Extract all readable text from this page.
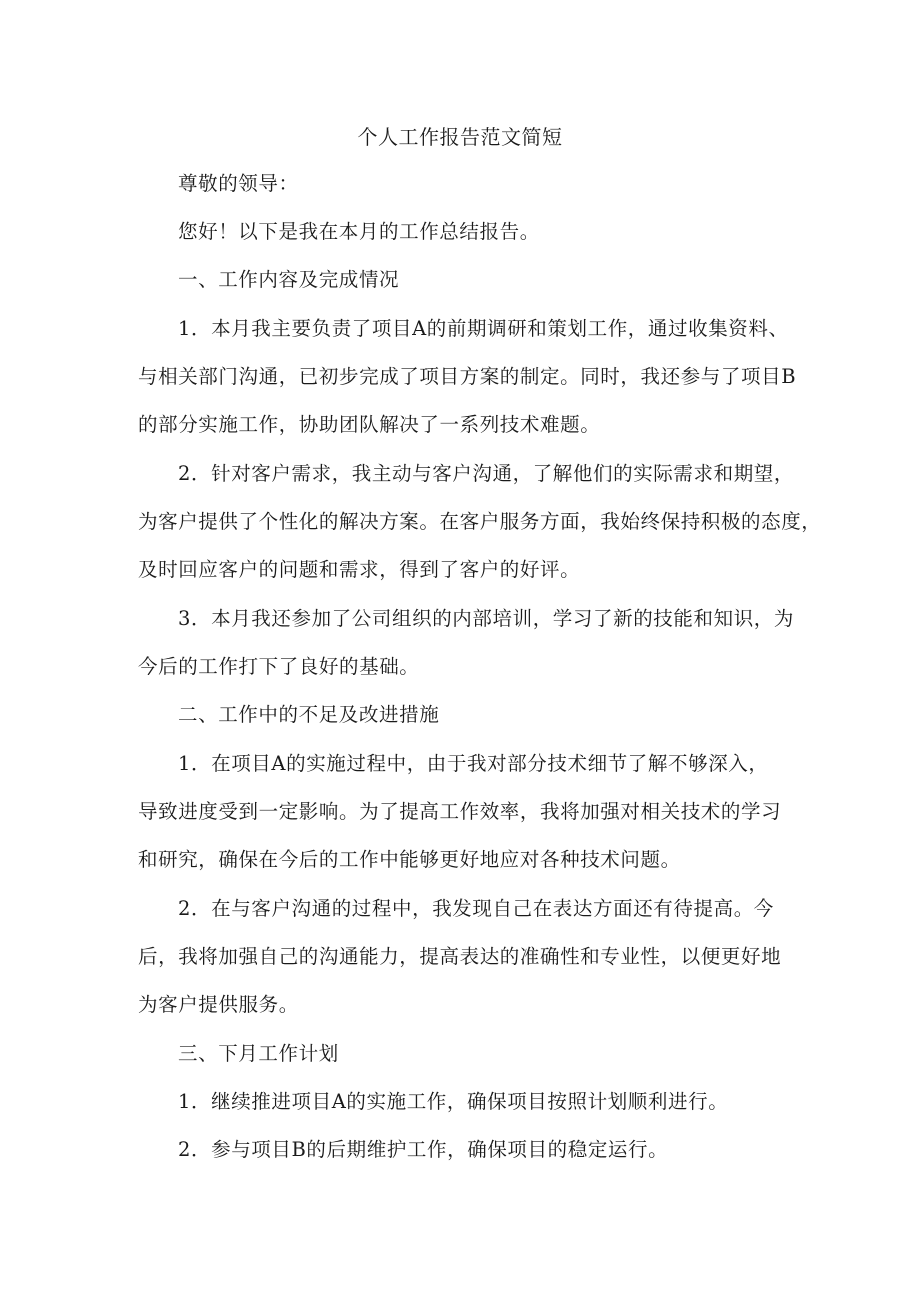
个人工作报告范文简短
尊敬的领导：
您好！以下是我在本月的工作总结报告。
一、工作内容及完成情况
1．本月我主要负责了项目A的前期调研和策划工作，通过收集资料、
与相关部门沟通，已初步完成了项目方案的制定。同时，我还参与了项目B
的部分实施工作，协助团队解决了一系列技术难题。
2．针对客户需求，我主动与客户沟通，了解他们的实际需求和期望，
为客户提供了个性化的解决方案。在客户服务方面，我始终保持积极的态度，
及时回应客户的问题和需求，得到了客户的好评。
3．本月我还参加了公司组织的内部培训，学习了新的技能和知识，为
今后的工作打下了良好的基础。
二、工作中的不足及改进措施
1．在项目A的实施过程中，由于我对部分技术细节了解不够深入，
导致进度受到一定影响。为了提高工作效率，我将加强对相关技术的学习
和研究，确保在今后的工作中能够更好地应对各种技术问题。
2．在与客户沟通的过程中，我发现自己在表达方面还有待提高。今
后，我将加强自己的沟通能力，提高表达的准确性和专业性，以便更好地
为客户提供服务。
三、下月工作计划
1．继续推进项目A的实施工作，确保项目按照计划顺利进行。
2．参与项目B的后期维护工作，确保项目的稳定运行。
